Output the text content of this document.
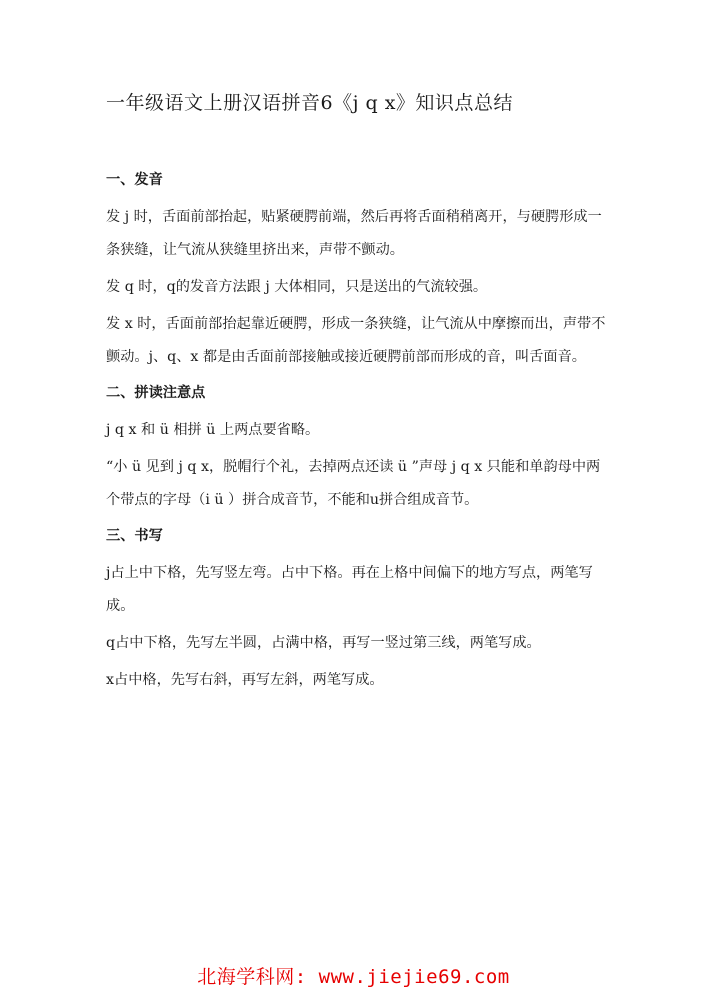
一年级语文上册汉语拼音6《j q x》知识点总结
一、发音

发 j 时，舌面前部抬起，贴紧硬腭前端，然后再将舌面稍稍离开，与硬腭形成一条狭缝，让气流从狭缝里挤出来，声带不颤动。

发 q 时，q的发音方法跟 j 大体相同，只是送出的气流较强。

发 x 时，舌面前部抬起靠近硬腭，形成一条狭缝，让气流从中摩擦而出，声带不颤动。j、q、x 都是由舌面前部接触或接近硬腭前部而形成的音，叫舌面音。

二、拼读注意点

j q x 和 ü 相拼 ü 上两点要省略。

“小 ü 见到 j q x，脱帽行个礼，去掉两点还读 ü ”声母 j q x 只能和单韵母中两个带点的字母（i ü ）拼合成音节，不能和u拼合组成音节。

三、书写

j占上中下格，先写竖左弯。占中下格。再在上格中间偏下的地方写点，两笔写成。

q占中下格，先写左半圆，占满中格，再写一竖过第三线，两笔写成。

x占中格，先写右斜，再写左斜，两笔写成。

北海学科网: www.jiejie69.com
